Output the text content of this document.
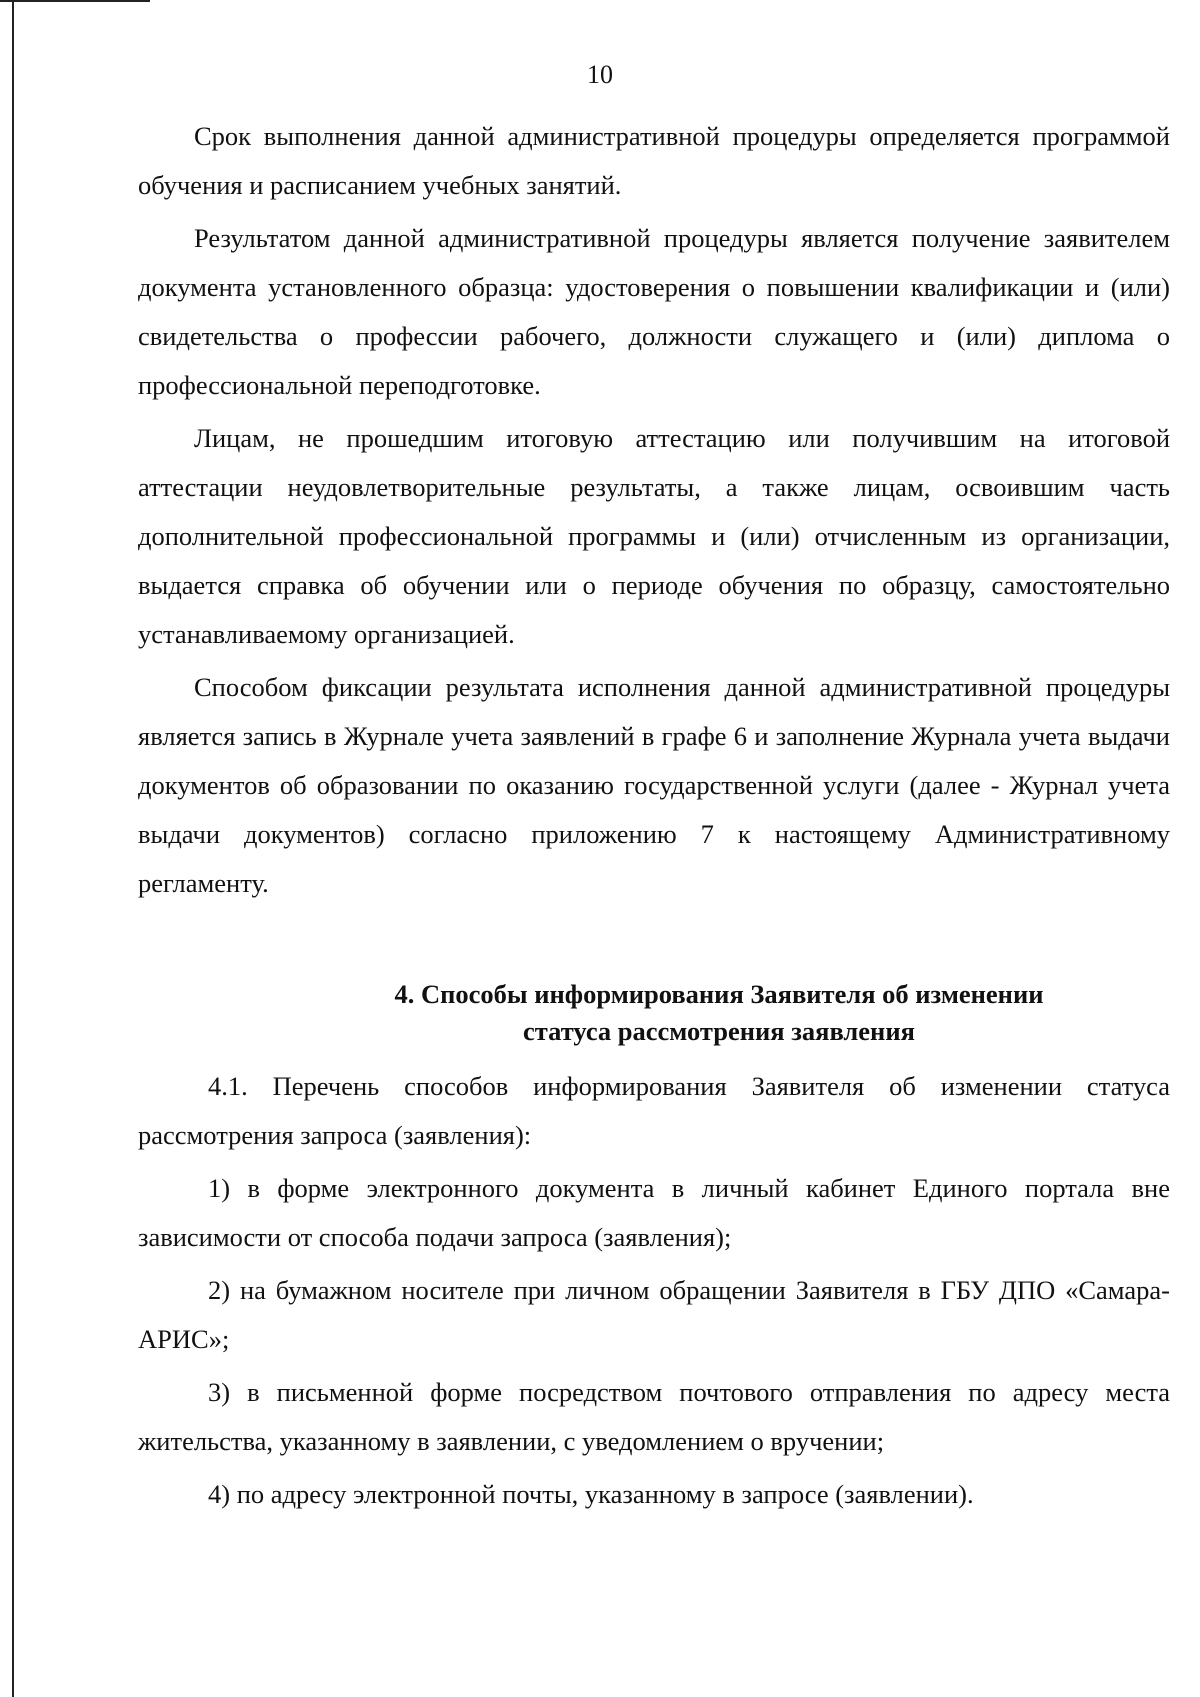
10

Срок выполнения данной административной процедуры определяется программой обучения и расписанием учебных занятий.

Результатом данной административной процедуры является получение заявителем документа установленного образца: удостоверения о повышении квалификации и (или) свидетельства о профессии рабочего, должности служащего и (или) диплома о профессиональной переподготовке.

Лицам, не прошедшим итоговую аттестацию или получившим на итоговой аттестации неудовлетворительные результаты, а также лицам, освоившим часть дополнительной профессиональной программы и (или) отчисленным из организации, выдается справка об обучении или о периоде обучения по образцу, самостоятельно устанавливаемому организацией.

Способом фиксации результата исполнения данной административной процедуры является запись в Журнале учета заявлений в графе 6 и заполнение Журнала учета выдачи документов об образовании по оказанию государственной услуги (далее - Журнал учета выдачи документов) согласно приложению 7 к настоящему Административному регламенту.

4. Способы информирования Заявителя об изменении
статуса рассмотрения заявления

4.1. Перечень способов информирования Заявителя об изменении статуса рассмотрения запроса (заявления):

1) в форме электронного документа в личный кабинет Единого портала вне зависимости от способа подачи запроса (заявления);

2) на бумажном носителе при личном обращении Заявителя в ГБУ ДПО «Самара-АРИС»;

3) в письменной форме посредством почтового отправления по адресу места жительства, указанному в заявлении, с уведомлением о вручении;

4) по адресу электронной почты, указанному в запросе (заявлении).
